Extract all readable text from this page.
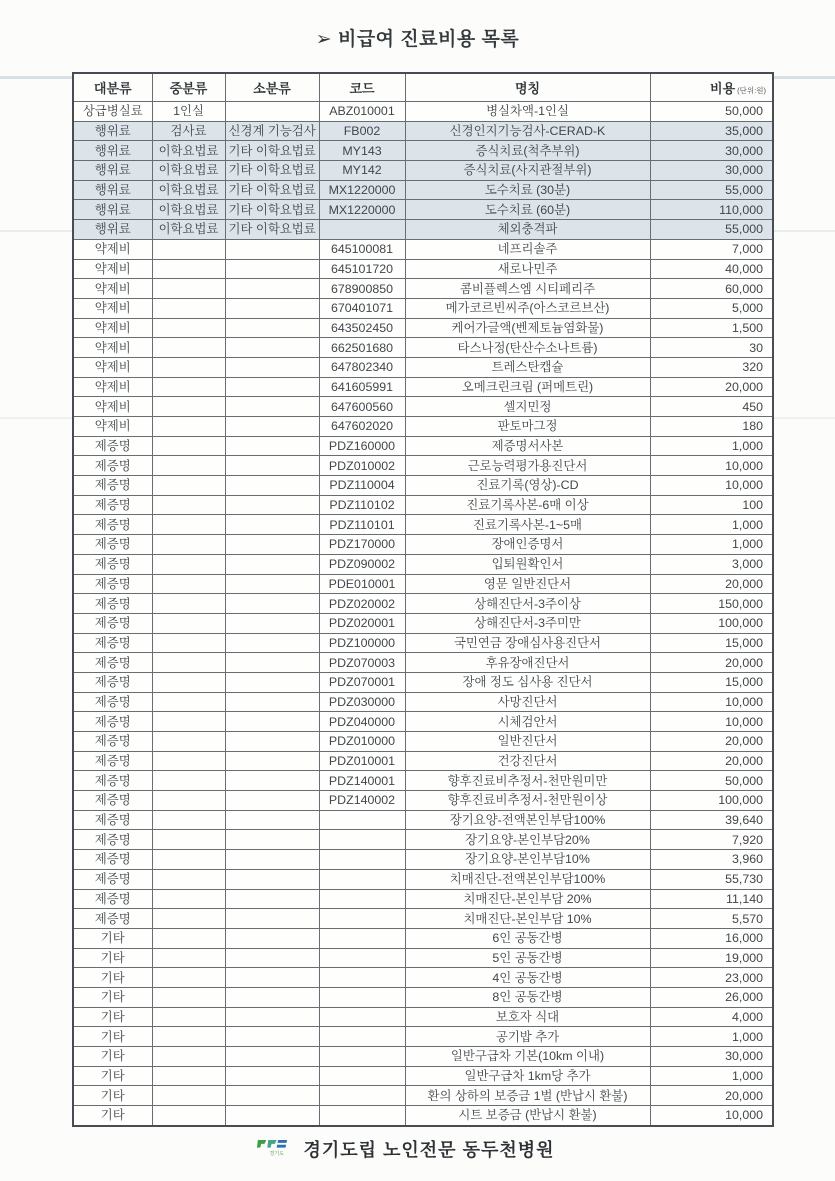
➢ 비급여 진료비용 목록
대분류	중분류	소분류	코드	명칭	비용 (단위:원)
상급병실료	1인실		ABZ010001	병실차액-1인실	50,000
행위료	검사료	신경계 기능검사	FB002	신경인지기능검사-CERAD-K	35,000
행위료	이학요법료	기타 이학요법료	MY143	증식치료(척추부위)	30,000
행위료	이학요법료	기타 이학요법료	MY142	증식치료(사지관절부위)	30,000
행위료	이학요법료	기타 이학요법료	MX1220000	도수치료 (30분)	55,000
행위료	이학요법료	기타 이학요법료	MX1220000	도수치료 (60분)	110,000
행위료	이학요법료	기타 이학요법료		체외충격파	55,000
약제비			645100081	네프리솔주	7,000
약제비			645101720	새로나민주	40,000
약제비			678900850	콤비플렉스엠 시티페리주	60,000
약제비			670401071	메가코르빈씨주(아스코르브산)	5,000
약제비			643502450	케어가글액(벤제토늄염화물)	1,500
약제비			662501680	타스나정(탄산수소나트륨)	30
약제비			647802340	트레스탄캡슐	320
약제비			641605991	오메크린크림 (퍼메트린)	20,000
약제비			647600560	셀지민정	450
약제비			647602020	판토마그정	180
제증명			PDZ160000	제증명서사본	1,000
제증명			PDZ010002	근로능력평가용진단서	10,000
제증명			PDZ110004	진료기록(영상)-CD	10,000
제증명			PDZ110102	진료기록사본-6매 이상	100
제증명			PDZ110101	진료기록사본-1~5매	1,000
제증명			PDZ170000	장애인증명서	1,000
제증명			PDZ090002	입퇴원확인서	3,000
제증명			PDE010001	영문 일반진단서	20,000
제증명			PDZ020002	상해진단서-3주이상	150,000
제증명			PDZ020001	상해진단서-3주미만	100,000
제증명			PDZ100000	국민연금 장애심사용진단서	15,000
제증명			PDZ070003	후유장애진단서	20,000
제증명			PDZ070001	장애 정도 심사용 진단서	15,000
제증명			PDZ030000	사망진단서	10,000
제증명			PDZ040000	시체검안서	10,000
제증명			PDZ010000	일반진단서	20,000
제증명			PDZ010001	건강진단서	20,000
제증명			PDZ140001	향후진료비추정서-천만원미만	50,000
제증명			PDZ140002	향후진료비추정서-천만원이상	100,000
제증명				장기요양-전액본인부담100%	39,640
제증명				장기요양-본인부담20%	7,920
제증명				장기요양-본인부담10%	3,960
제증명				치매진단-전액본인부담100%	55,730
제증명				치매진단-본인부담 20%	11,140
제증명				치매진단-본인부담 10%	5,570
기타				6인 공동간병	16,000
기타				5인 공동간병	19,000
기타				4인 공동간병	23,000
기타				8인 공동간병	26,000
기타				보호자 식대	4,000
기타				공기밥 추가	1,000
기타				일반구급차 기본(10km 이내)	30,000
기타				일반구급차 1km당 추가	1,000
기타				환의 상하의 보증금 1벌 (반납시 환불)	20,000
기타				시트 보증금 (반납시 환불)	10,000
경기도 경기도립 노인전문 동두천병원
